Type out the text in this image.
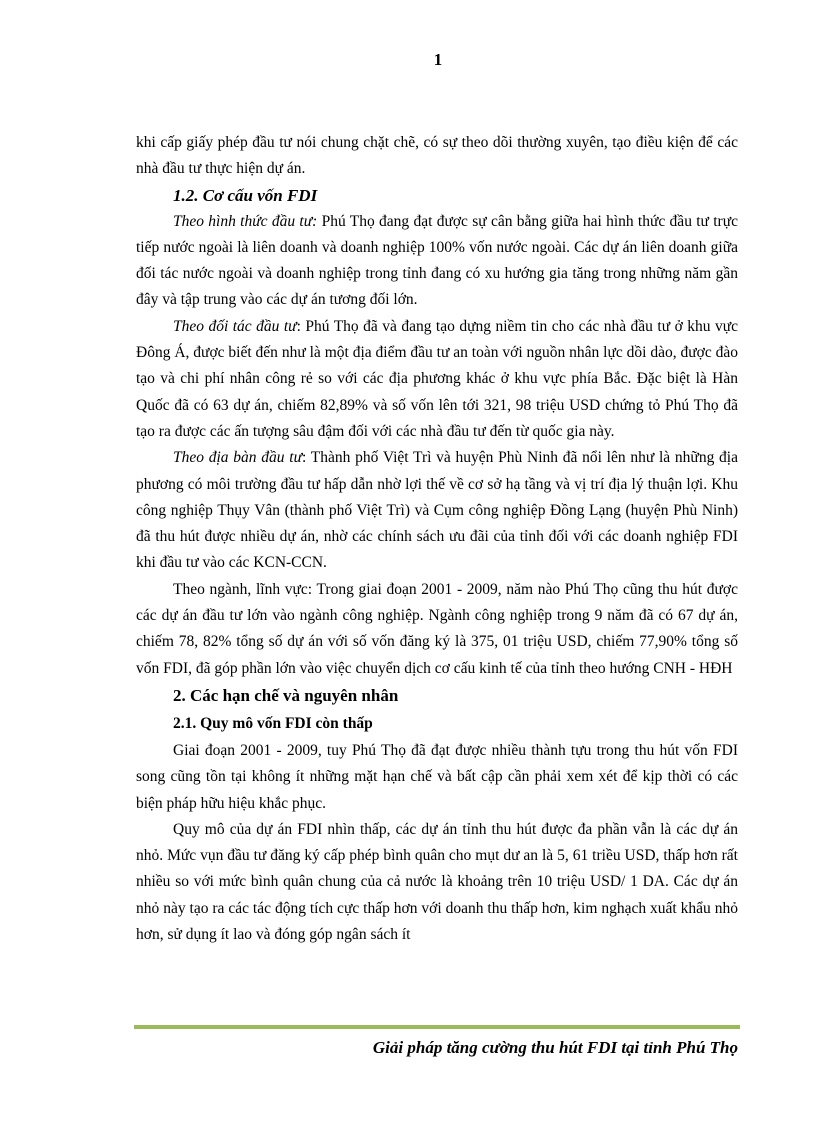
1

khi cấp giấy phép đầu tư nói chung chặt chẽ, có sự theo dõi thường xuyên, tạo điều kiện để các nhà đầu tư thực hiện dự án.

1.2. Cơ cấu vốn FDI

Theo hình thức đầu tư: Phú Thọ đang đạt được sự cân bằng giữa hai hình thức đầu tư trực tiếp nước ngoài là liên doanh và doanh nghiệp 100% vốn nước ngoài. Các dự án liên doanh giữa đối tác nước ngoài và doanh nghiệp trong tỉnh đang có xu hướng gia tăng trong những năm gần đây và tập trung vào các dự án tương đối lớn.

Theo đối tác đầu tư: Phú Thọ đã và đang tạo dựng niềm tin cho các nhà đầu tư ở khu vực Đông Á, được biết đến như là một địa điểm đầu tư an toàn với nguồn nhân lực dồi dào, được đào tạo và chi phí nhân công rẻ so với các địa phương khác ở khu vực phía Bắc. Đặc biệt là Hàn Quốc đã có 63 dự án, chiếm 82,89% và số vốn lên tới 321, 98 triệu USD chứng tỏ Phú Thọ đã tạo ra được các ấn tượng sâu đậm đối với các nhà đầu tư đến từ quốc gia này.

Theo địa bàn đầu tư: Thành phố Việt Trì và huyện Phù Ninh đã nổi lên như là những địa phương có môi trường đầu tư hấp dẫn nhờ lợi thế về cơ sở hạ tầng và vị trí địa lý thuận lợi. Khu công nghiệp Thụy Vân (thành phố Việt Trì) và Cụm công nghiệp Đồng Lạng (huyện Phù Ninh) đã thu hút được nhiều dự án, nhờ các chính sách ưu đãi của tỉnh đối với các doanh nghiệp FDI khi đầu tư vào các KCN-CCN.

Theo ngành, lĩnh vực: Trong giai đoạn 2001 - 2009, năm nào Phú Thọ cũng thu hút được các dự án đầu tư lớn vào ngành công nghiệp. Ngành công nghiệp trong 9 năm đã có 67 dự án, chiếm 78, 82% tổng số dự án với số vốn đăng ký là 375, 01 triệu USD, chiếm 77,90% tổng số vốn FDI, đã góp phần lớn vào việc chuyển dịch cơ cấu kinh tế của tỉnh theo hướng CNH - HĐH

2. Các hạn chế và nguyên nhân
2.1. Quy mô vốn FDI còn thấp

Giai đoạn 2001 - 2009, tuy Phú Thọ đã đạt được nhiều thành tựu trong thu hút vốn FDI song cũng tồn tại không ít những mặt hạn chế và bất cập cần phải xem xét để kịp thời có các biện pháp hữu hiệu khắc phục.

Quy mô của dự án FDI nhìn thấp, các dự án tỉnh thu hút được đa phần vẫn là các dự án nhỏ. Mức vụn đầu tư đăng ký cấp phép bình quân cho mụt dư an là 5, 61 triều USD, thấp hơn rất nhiều so với mức bình quân chung của cả nước là khoảng trên 10 triệu USD/ 1 DA. Các dự án nhỏ này tạo ra các tác động tích cực thấp hơn với doanh thu thấp hơn, kim nghạch xuất khẩu nhỏ hơn, sử dụng ít lao và đóng góp ngân sách ít

Giải pháp tăng cường thu hút FDI tại tỉnh Phú Thọ
